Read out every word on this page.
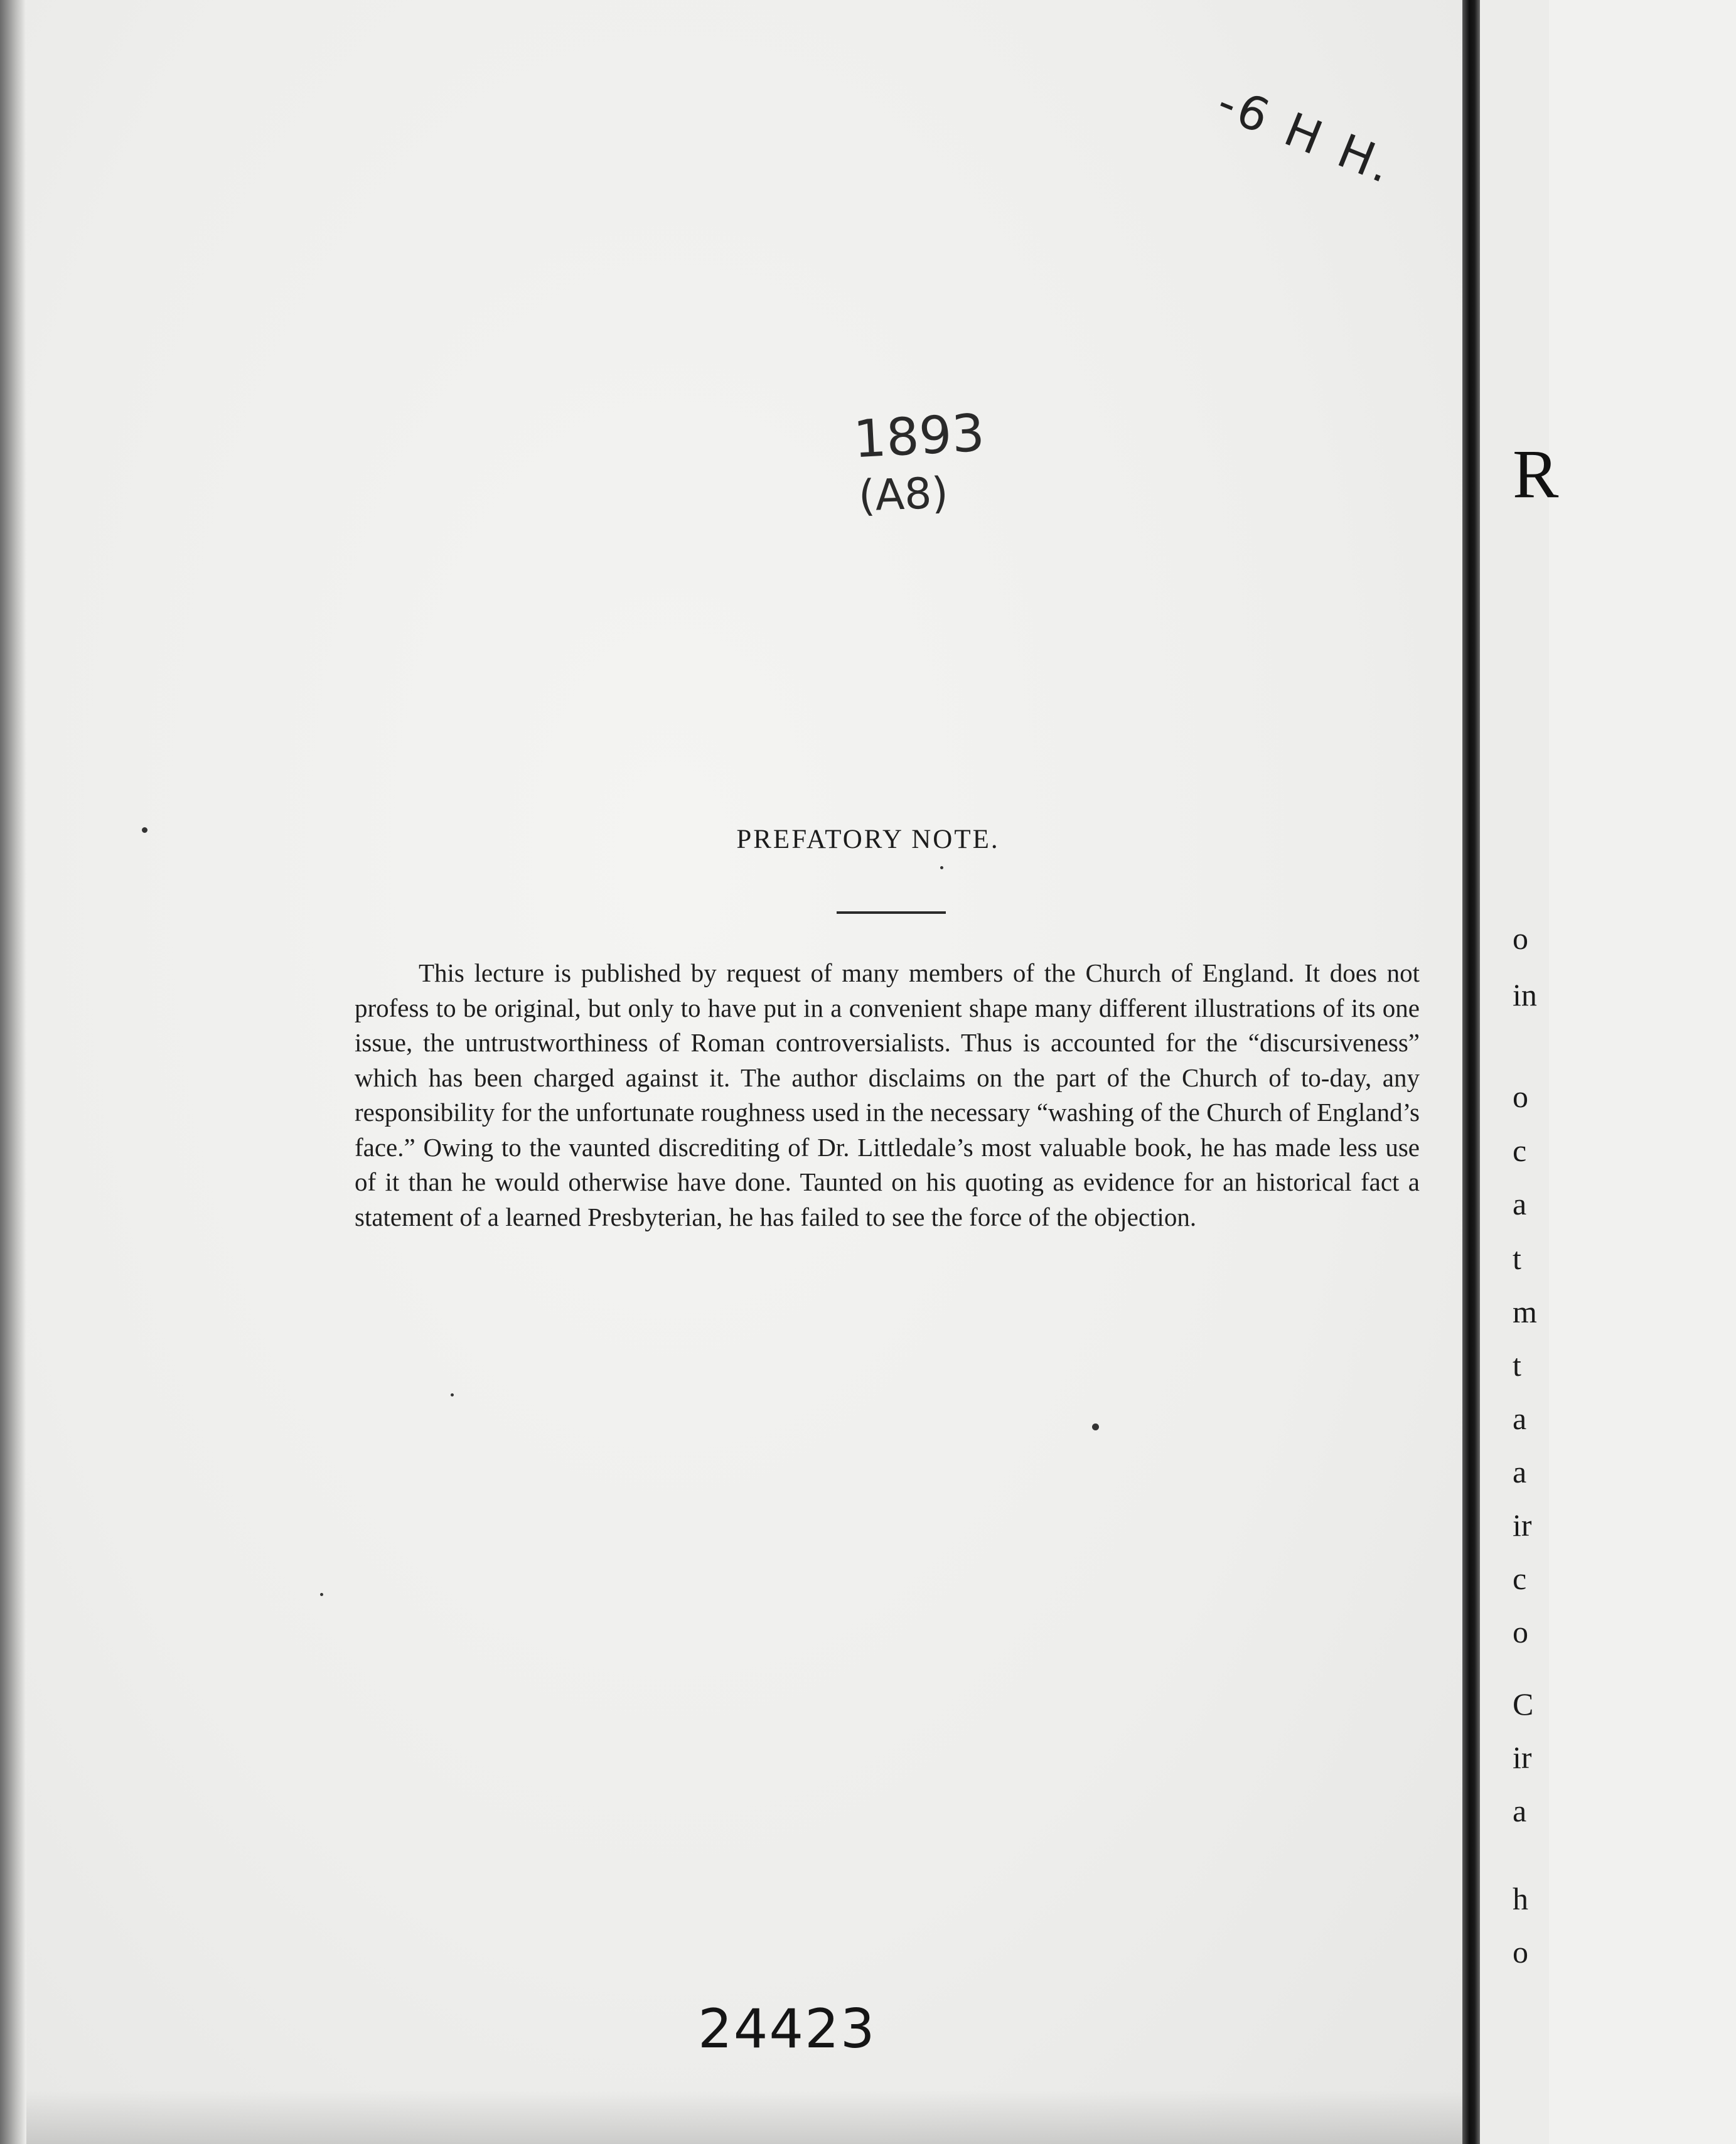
-6 H H.
1893
(A8)
PREFATORY NOTE.

This lecture is published by request of many members of the Church of England. It does not profess to be original, but only to have put in a convenient shape many different illustrations of its one issue, the untrustworthiness of Roman controversialists. Thus is accounted for the “discursiveness” which has been charged against it. The author disclaims on the part of the Church of to-day, any responsibility for the unfortunate roughness used in the necessary “washing of the Church of England’s face.” Owing to the vaunted discrediting of Dr. Littledale’s most valuable book, he has made less use of it than he would otherwise have done. Taunted on his quoting as evidence for an historical fact a statement of a learned Presbyterian, he has failed to see the force of the objection.

24423
R
o
in
o
c
a
t
m
t
a
a
ir
c
o
C
ir
a
h
o
